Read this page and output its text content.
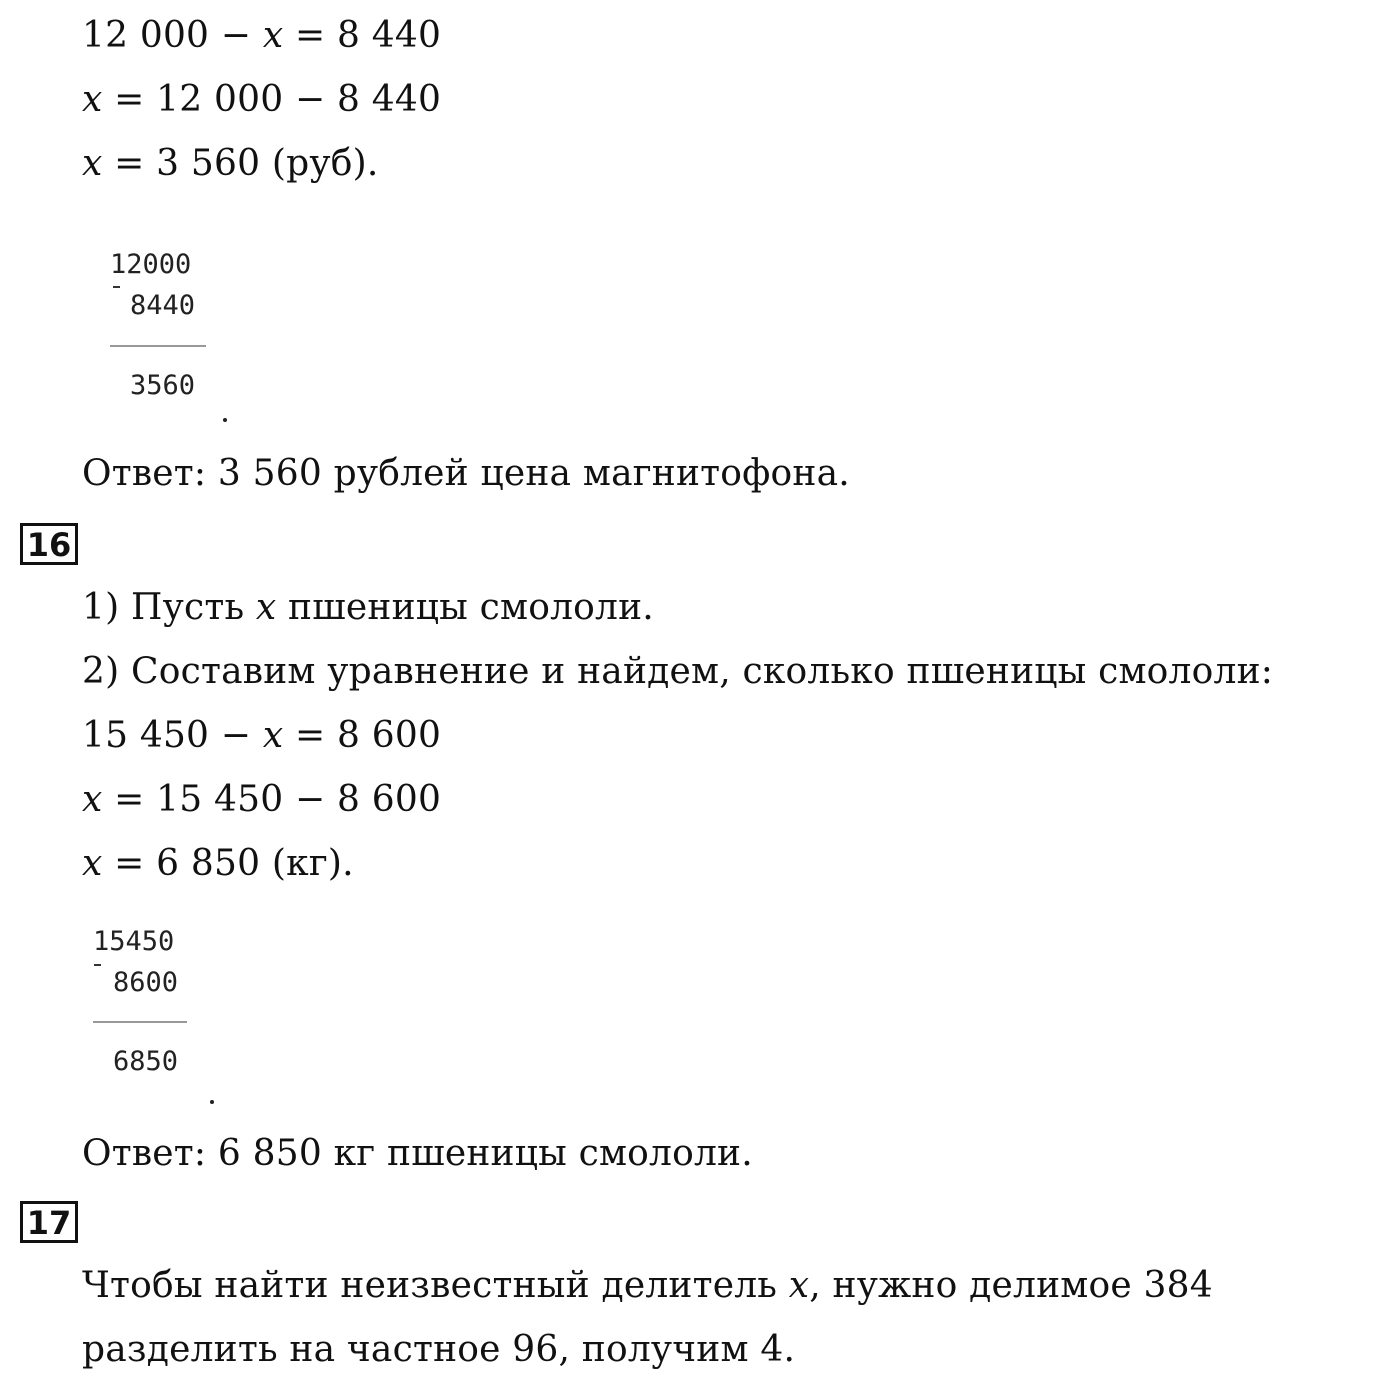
12 000 − x = 8 440
x = 12 000 − 8 440
x = 3 560 (руб).
12000
8440
3560
Ответ: 3 560 рублей цена магнитофона.
16
1) Пусть x пшеницы смололи.
2) Составим уравнение и найдем, сколько пшеницы смололи:
15 450 − x = 8 600
x = 15 450 − 8 600
x = 6 850 (кг).
15450
8600
6850
Ответ: 6 850 кг пшеницы смололи.
17
Чтобы найти неизвестный делитель x, нужно делимое 384
разделить на частное 96, получим 4.
